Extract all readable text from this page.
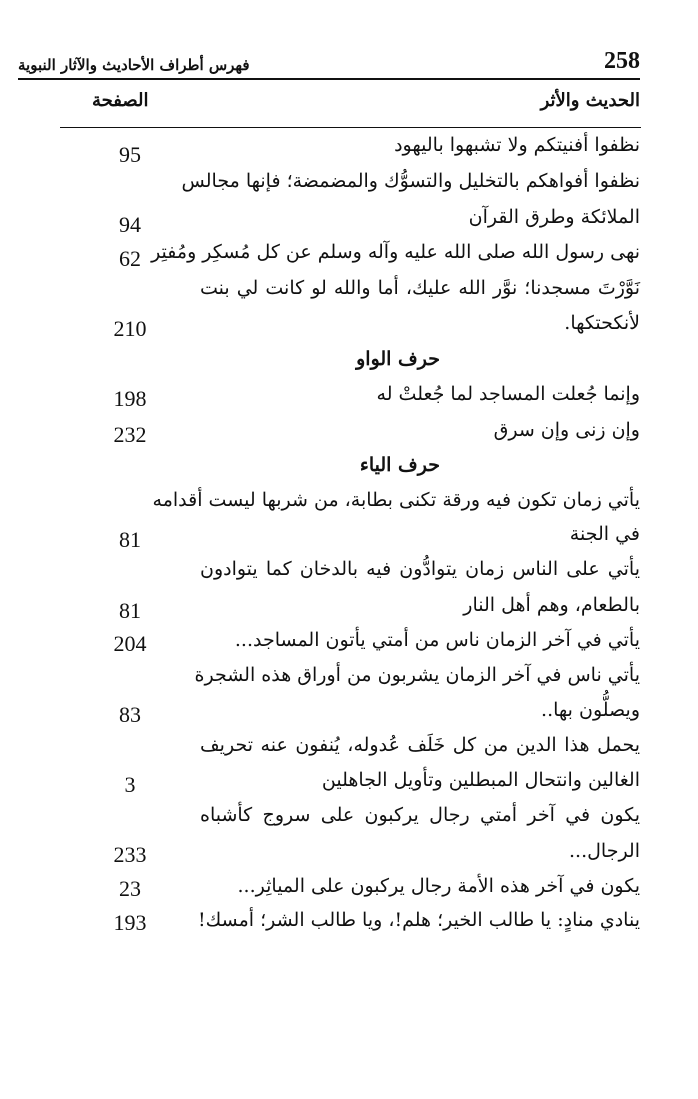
فهرس أطراف الأحاديث والآثار النبوية	258
الحديث والأثر
الصفحة
نظفوا أفنيتكم ولا تشبهوا باليهود
نظفوا أفواهكم بالتخليل والتسوُّك والمضمضة؛ فإنها مجالس
الملائكة وطرق القرآن
نهى رسول الله صلى الله عليه وآله وسلم عن كل مُسكِر ومُفتِر
نَوَّرْتَ مسجدنا؛ نوَّر الله عليك، أما والله لو كانت لي بنت
لأنكحتكها.
حرف الواو
وإنما جُعلت المساجد لما جُعلتْ له
وإن زنى وإن سرق
حرف الياء
يأتي زمان تكون فيه ورقة تكنى بطابة، من شربها ليست أقدامه
في الجنة
يأتي على الناس زمان يتوادُّون فيه بالدخان كما يتوادون
بالطعام، وهم أهل النار
يأتي في آخر الزمان ناس من أمتي يأتون المساجد...
يأتي ناس في آخر الزمان يشربون من أوراق هذه الشجرة
ويصلُّون بها..
يحمل هذا الدين من كل خَلَف عُدوله، يُنفون عنه تحريف
الغالين وانتحال المبطلين وتأويل الجاهلين
يكون في آخر أمتي رجال يركبون على سروج كأشباه
الرجال...
يكون في آخر هذه الأمة رجال يركبون على المياثِر...
ينادي منادٍ: يا طالب الخير؛ هلم!، ويا طالب الشر؛ أمسك!
95
94
62
210
198
232
81
81
204
83
3
233
23
193
